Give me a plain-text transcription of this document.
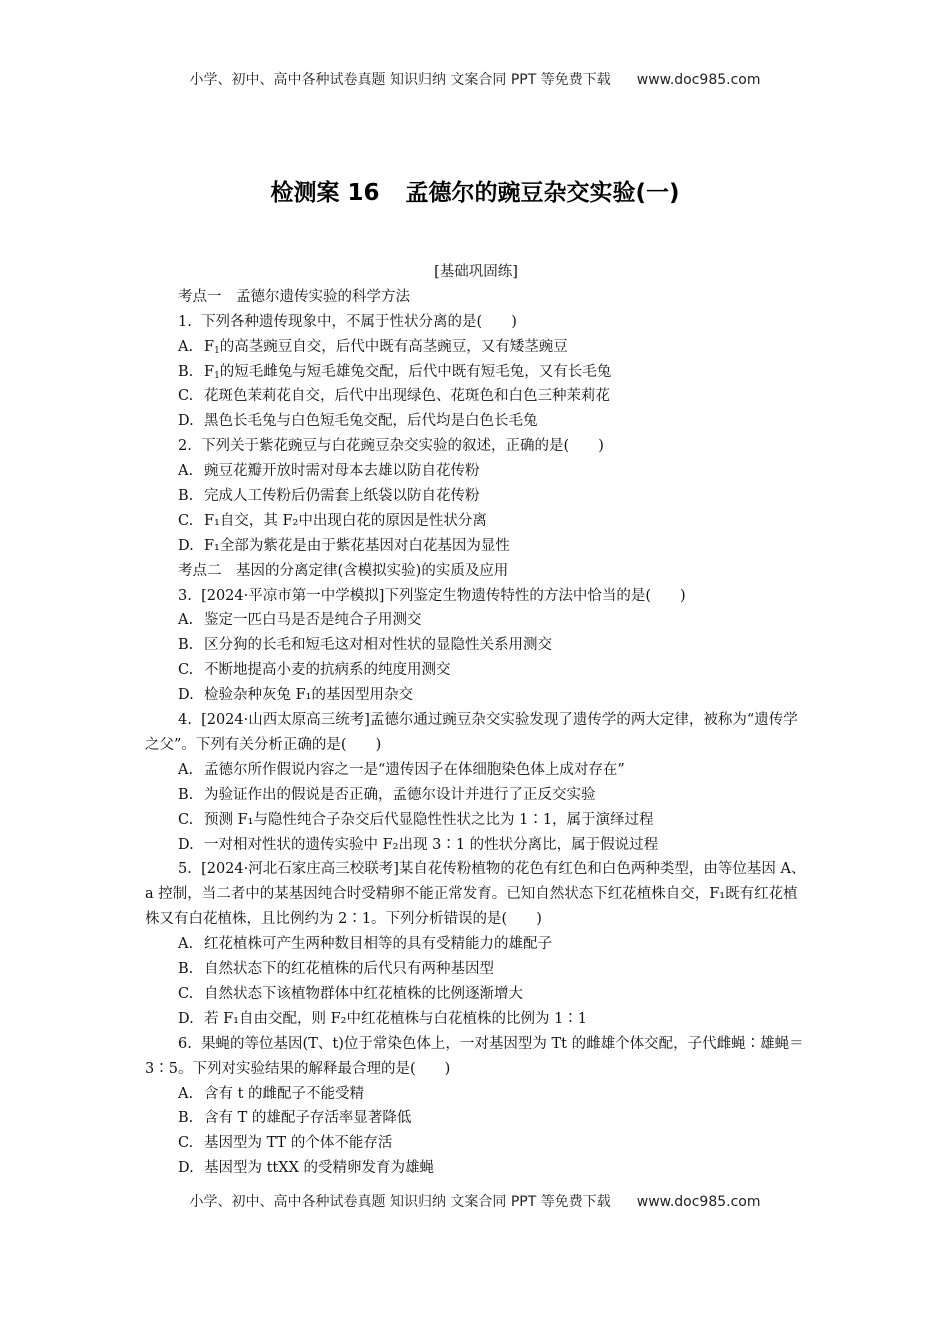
小学、初中、高中各种试卷真题 知识归纳 文案合同 PPT 等免费下载 www.doc985.com
检测案 16 孟德尔的豌豆杂交实验(一)
[基础巩固练]
考点一　 孟德尔遗传实验的科学方法
1. 下列各种遗传现象中，不属于性状分离的是(　　)
A. $F_1$的高茎豌豆自交，后代中既有高茎豌豆，又有矮茎豌豆
B. $F_1$的短毛雌兔与短毛雄兔交配，后代中既有短毛兔，又有长毛兔
C. 花斑色茉莉花自交，后代中出现绿色、花斑色和白色三种茉莉花
D. 黑色长毛兔与白色短毛兔交配，后代均是白色长毛兔
2. 下列关于紫花豌豆与白花豌豆杂交实验的叙述，正确的是(　　)
A. 豌豆花瓣开放时需对母本去雄以防自花传粉
B. 完成人工传粉后仍需套上纸袋以防自花传粉
C. F₁自交，其 F₂中出现白花的原因是性状分离
D. F₁全部为紫花是由于紫花基因对白花基因为显性
考点二　 基因的分离定律(含模拟实验)的实质及应用
3. [2024·平凉市第一中学模拟]下列鉴定生物遗传特性的方法中恰当的是(　　)
A. 鉴定一匹白马是否是纯合子用测交
B. 区分狗的长毛和短毛这对相对性状的显隐性关系用测交
C. 不断地提高小麦的抗病系的纯度用测交
D. 检验杂种灰兔 F₁的基因型用杂交
4. [2024·山西太原高三统考]孟德尔通过豌豆杂交实验发现了遗传学的两大定律，被称为“遗传学之父”。下列有关分析正确的是(　　)
A. 孟德尔所作假说内容之一是“遗传因子在体细胞染色体上成对存在”
B. 为验证作出的假说是否正确，孟德尔设计并进行了正反交实验
C. 预测 F₁与隐性纯合子杂交后代显隐性性状之比为 1∶1，属于演绎过程
D. 一对相对性状的遗传实验中 F₂出现 3∶1 的性状分离比，属于假说过程
5. [2024·河北石家庄高三校联考]某自花传粉植物的花色有红色和白色两种类型，由等位基因 A、a 控制，当二者中的某基因纯合时受精卵不能正常发育。已知自然状态下红花植株自交，F₁既有红花植株又有白花植株，且比例约为 2∶1。下列分析错误的是(　　)
A. 红花植株可产生两种数目相等的具有受精能力的雄配子
B. 自然状态下的红花植株的后代只有两种基因型
C. 自然状态下该植物群体中红花植株的比例逐渐增大
D. 若 F₁自由交配，则 F₂中红花植株与白花植株的比例为 1∶1
6. 果蝇的等位基因(T、t)位于常染色体上，一对基因型为 Tt 的雌雄个体交配，子代雌蝇∶雄蝇＝3∶5。下列对实验结果的解释最合理的是(　　)
A. 含有 t 的雌配子不能受精
B. 含有 T 的雄配子存活率显著降低
C. 基因型为 TT 的个体不能存活
D. 基因型为 ttXX 的受精卵发育为雄蝇
小学、初中、高中各种试卷真题 知识归纳 文案合同 PPT 等免费下载 www.doc985.com
